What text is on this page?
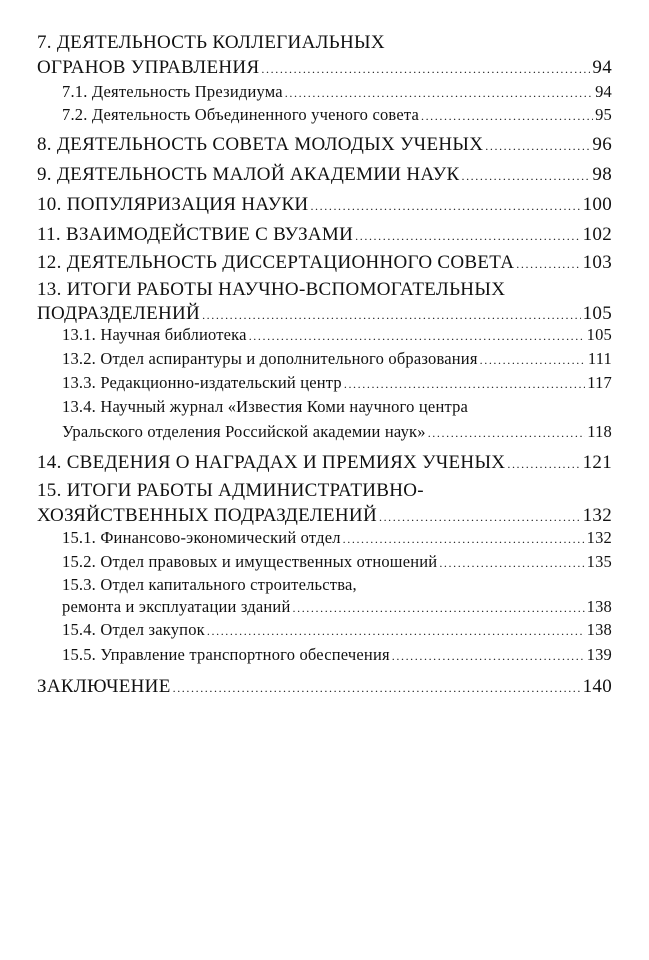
7. ДЕЯТЕЛЬНОСТЬ КОЛЛЕГИАЛЬНЫХ
ОГРАНОВ УПРАВЛЕНИЯ .....	94
7.1. Деятельность Президиума .....	94
7.2. Деятельность Объединенного ученого совета .....	95
8. ДЕЯТЕЛЬНОСТЬ СОВЕТА МОЛОДЫХ УЧЕНЫХ .....	96
9. ДЕЯТЕЛЬНОСТЬ МАЛОЙ АКАДЕМИИ НАУК .....	98
10. ПОПУЛЯРИЗАЦИЯ НАУКИ .....	100
11. ВЗАИМОДЕЙСТВИЕ С ВУЗАМИ .....	102
12. ДЕЯТЕЛЬНОСТЬ ДИССЕРТАЦИОННОГО СОВЕТА .....	103
13. ИТОГИ РАБОТЫ НАУЧНО-ВСПОМОГАТЕЛЬНЫХ
ПОДРАЗДЕЛЕНИЙ .....	105
13.1. Научная библиотека .....	105
13.2. Отдел аспирантуры и дополнительного образования .....	111
13.3. Редакционно-издательский центр .....	117
13.4. Научный журнал «Известия Коми научного центра
Уральского отделения Российской академии наук» .....	118
14. СВЕДЕНИЯ О НАГРАДАХ И ПРЕМИЯХ УЧЕНЫХ .....	121
15. ИТОГИ РАБОТЫ АДМИНИСТРАТИВНО-
ХОЗЯЙСТВЕННЫХ ПОДРАЗДЕЛЕНИЙ .....	132
15.1. Финансово-экономический отдел .....	132
15.2. Отдел правовых и имущественных отношений .....	135
15.3. Отдел капитального строительства,
ремонта и эксплуатации зданий .....	138
15.4. Отдел закупок .....	138
15.5. Управление транспортного обеспечения .....	139
ЗАКЛЮЧЕНИЕ .....	140
